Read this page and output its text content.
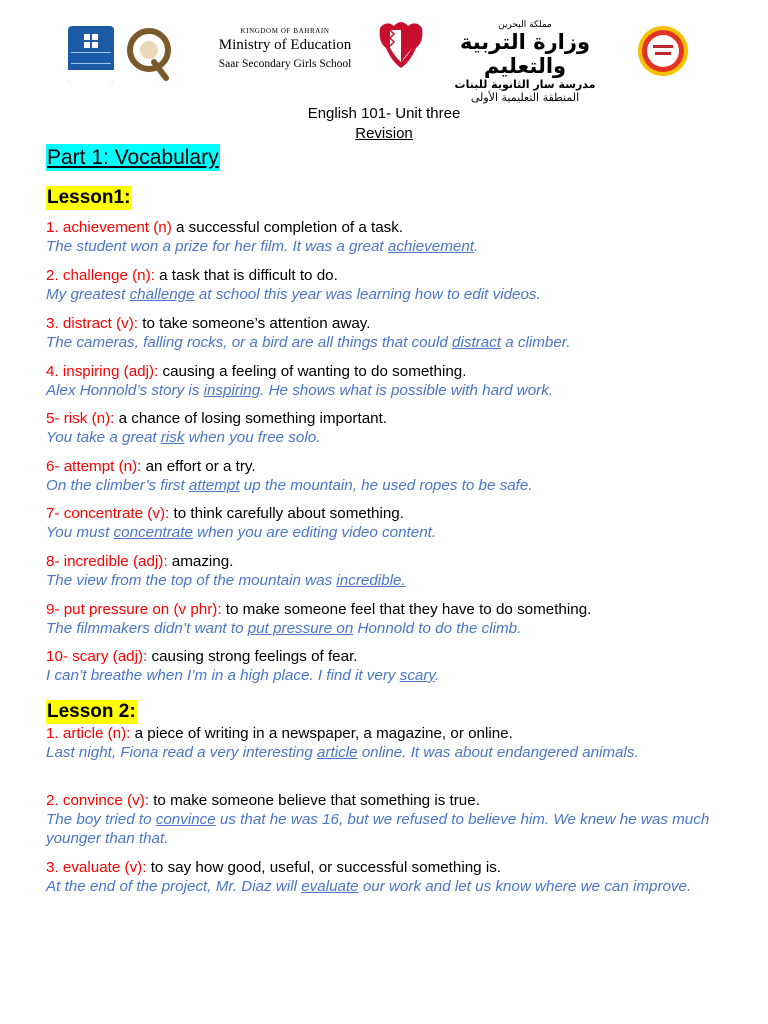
KINGDOM OF BAHRAIN
Ministry of Education
Saar Secondary Girls School
مملكة البحرين
وزارة التربية والتعليم
مدرسة سار الثانوية للبنات
المنطقة التعليمية الأولى
English 101- Unit three
Revision
Part 1: Vocabulary
Lesson1:
1. achievement (n) a successful completion of a task.
The student won a prize for her film. It was a great achievement.
2. challenge (n): a task that is difficult to do.
My greatest challenge at school this year was learning how to edit videos.
3. distract (v): to take someone’s attention away.
The cameras, falling rocks, or a bird are all things that could distract a climber.
4. inspiring (adj): causing a feeling of wanting to do something.
Alex Honnold’s story is inspiring. He shows what is possible with hard work.
5- risk (n): a chance of losing something important.
You take a great risk when you free solo.
6- attempt (n): an effort or a try.
On the climber’s first attempt up the mountain, he used ropes to be safe.
7- concentrate (v): to think carefully about something.
You must concentrate when you are editing video content.
8- incredible (adj): amazing.
The view from the top of the mountain was incredible.
9- put pressure on (v phr): to make someone feel that they have to do something.
The filmmakers didn’t want to put pressure on Honnold to do the climb.
10- scary (adj): causing strong feelings of fear.
I can’t breathe when I’m in a high place. I find it very scary.
Lesson 2:
1. article (n): a piece of writing in a newspaper, a magazine, or online.
Last night, Fiona read a very interesting article online. It was about endangered animals.
2. convince (v): to make someone believe that something is true.
The boy tried to convince us that he was 16, but we refused to believe him. We knew he was much younger than that.
3. evaluate (v): to say how good, useful, or successful something is.
At the end of the project, Mr. Diaz will evaluate our work and let us know where we can improve.
